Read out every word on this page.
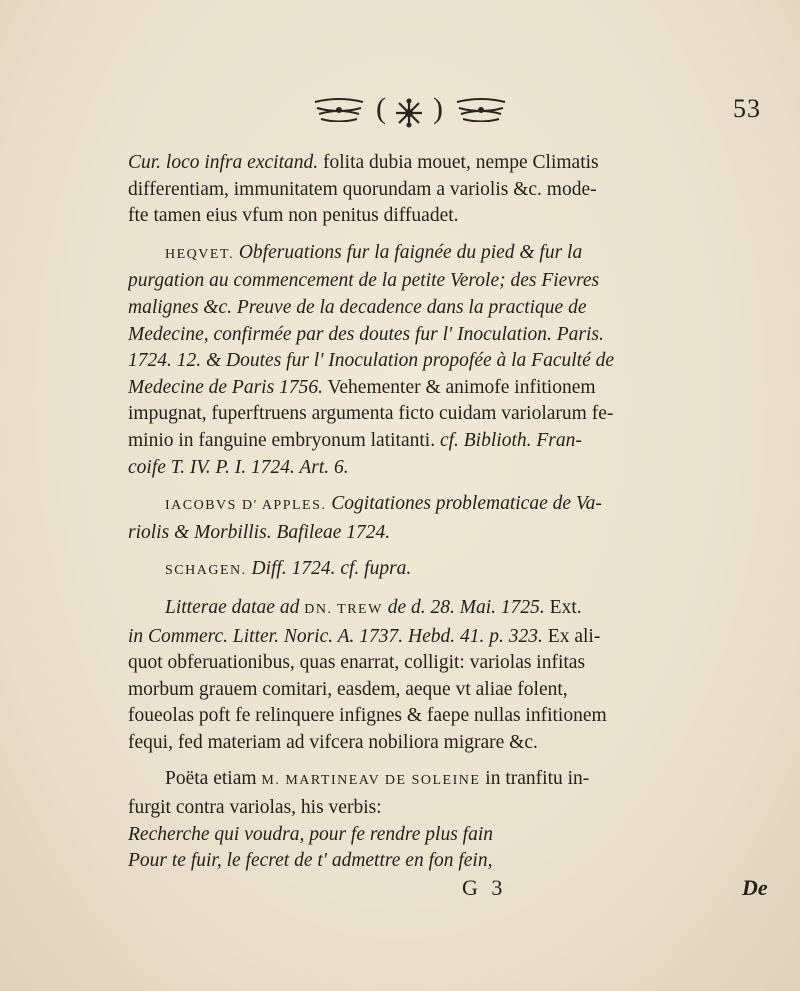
( )	53

Cur. loco infra excitand. folita dubia mouet, nempe Climatis

differentiam, immunitatem quorundam a variolis &c. mode-

fte tamen eius vfum non penitus diffuadet.

HEQVET. Obferuations fur la faignée du pied & fur la

purgation au commencement de la petite Verole; des Fievres

malignes &c. Preuve de la decadence dans la practique de

Medecine, confirmée par des doutes fur l' Inoculation. Paris.

1724. 12. & Doutes fur l' Inoculation propofée à la Faculté de

Medecine de Paris 1756. Vehementer & animofe infitionem

impugnat, fuperftruens argumenta ficto cuidam variolarum fe-

minio in fanguine embryonum latitanti. cf. Biblioth. Fran-

coife T. IV. P. I. 1724. Art. 6.

IACOBVS D' APPLES. Cogitationes problematicae de Va-

riolis & Morbillis. Bafileae 1724.

SCHAGEN. Diff. 1724. cf. fupra.

Litterae datae ad DN. TREW de d. 28. Mai. 1725. Ext.

in Commerc. Litter. Noric. A. 1737. Hebd. 41. p. 323. Ex ali-

quot obferuationibus, quas enarrat, colligit: variolas infitas

morbum grauem comitari, easdem, aeque vt aliae folent,

foueolas poft fe relinquere infignes & faepe nullas infitionem

fequi, fed materiam ad vifcera nobiliora migrare &c.

Poëta etiam M. MARTINEAV DE SOLEINE in tranfitu in-

furgit contra variolas, his verbis:

Recherche qui voudra, pour fe rendre plus fain

Pour te fuir, le fecret de t' admettre en fon fein,

G 3	De
